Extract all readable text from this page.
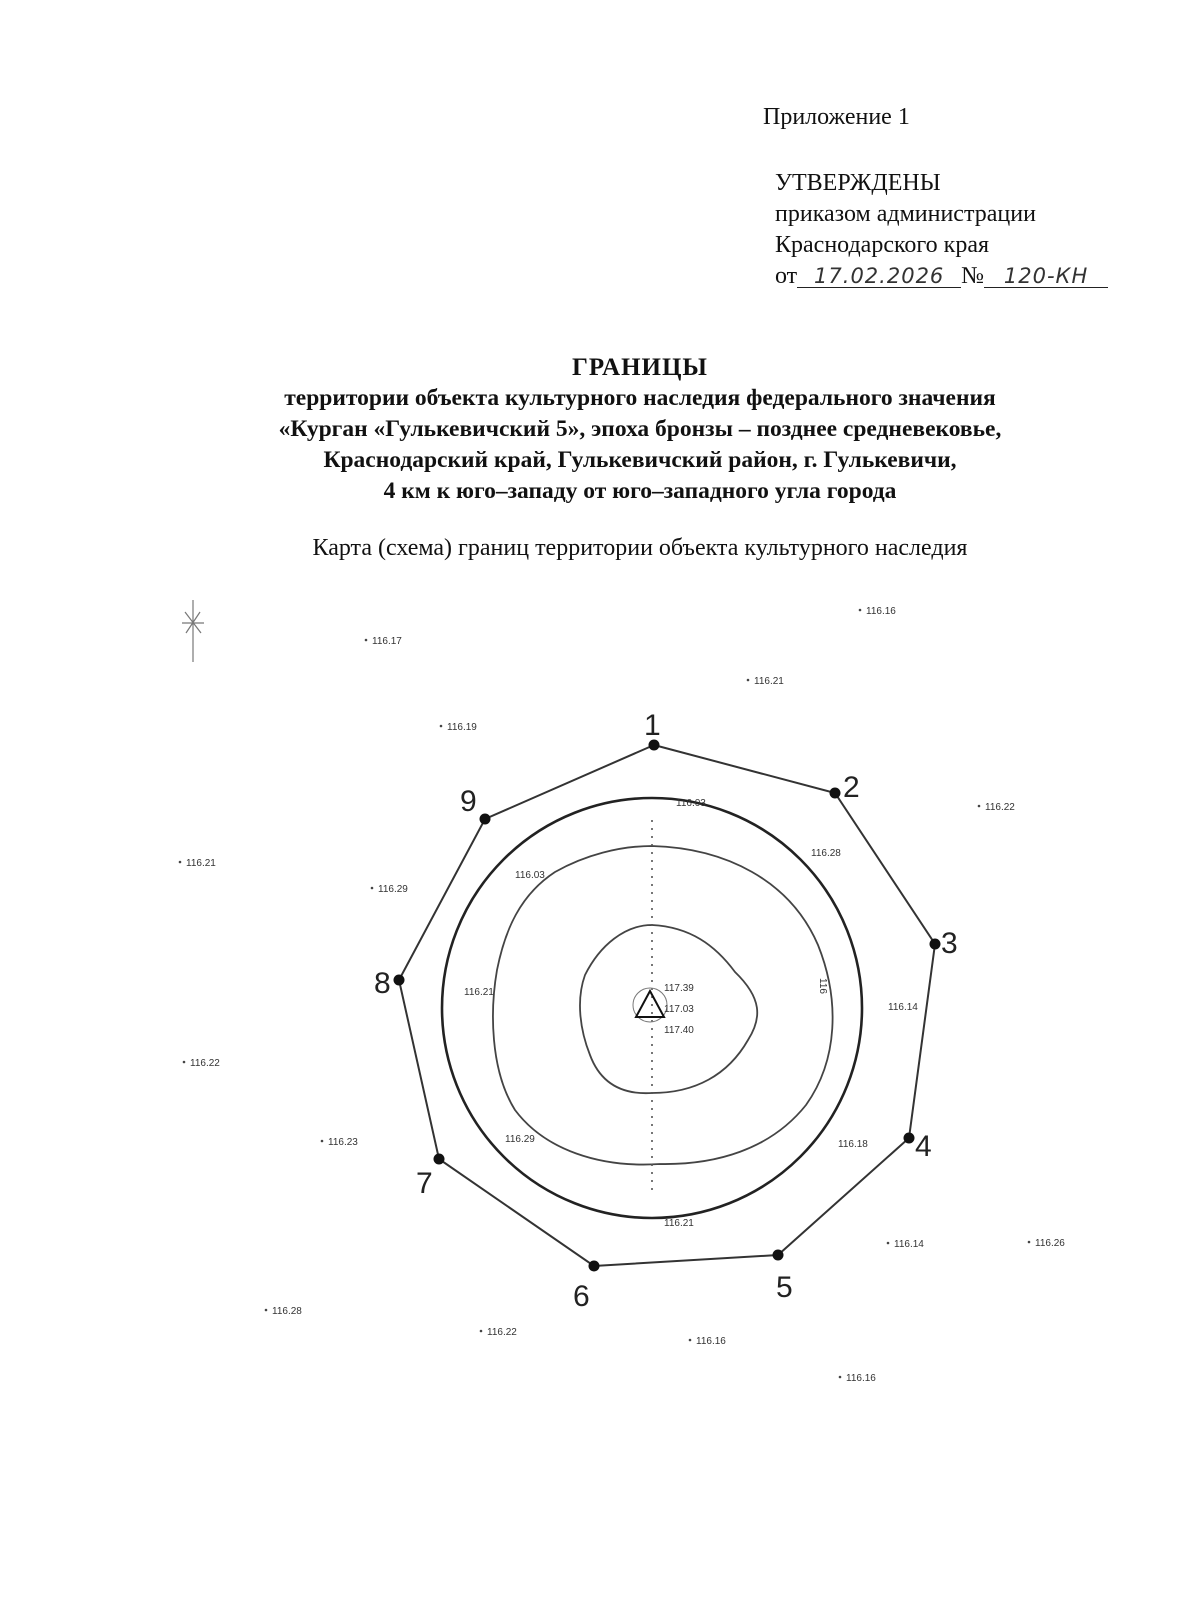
Приложение 1
УТВЕРЖДЕНЫ
приказом администрации
Краснодарского края
от 17.02.2026 № 120-КН
ГРАНИЦЫ
территории объекта культурного наследия федерального значения
«Курган «Гулькевичский 5», эпоха бронзы – позднее средневековье,
Краснодарский край, Гулькевичский район, г. Гулькевичи,
4 км к юго–западу от юго–западного угла города
Карта (схема) границ территории объекта культурного наследия
1
2
3
4
5
6
7
8
9
116.16
116.17
116.21
116.19
116.22
116.21
116.29
116.22
116.23
116.26
116.14
116.28
116.22
116.16
116.16
116.03
116.28
116.03
116.21
116.14
116.29	116.18
116.21
116
117.39
117.03
117.40
